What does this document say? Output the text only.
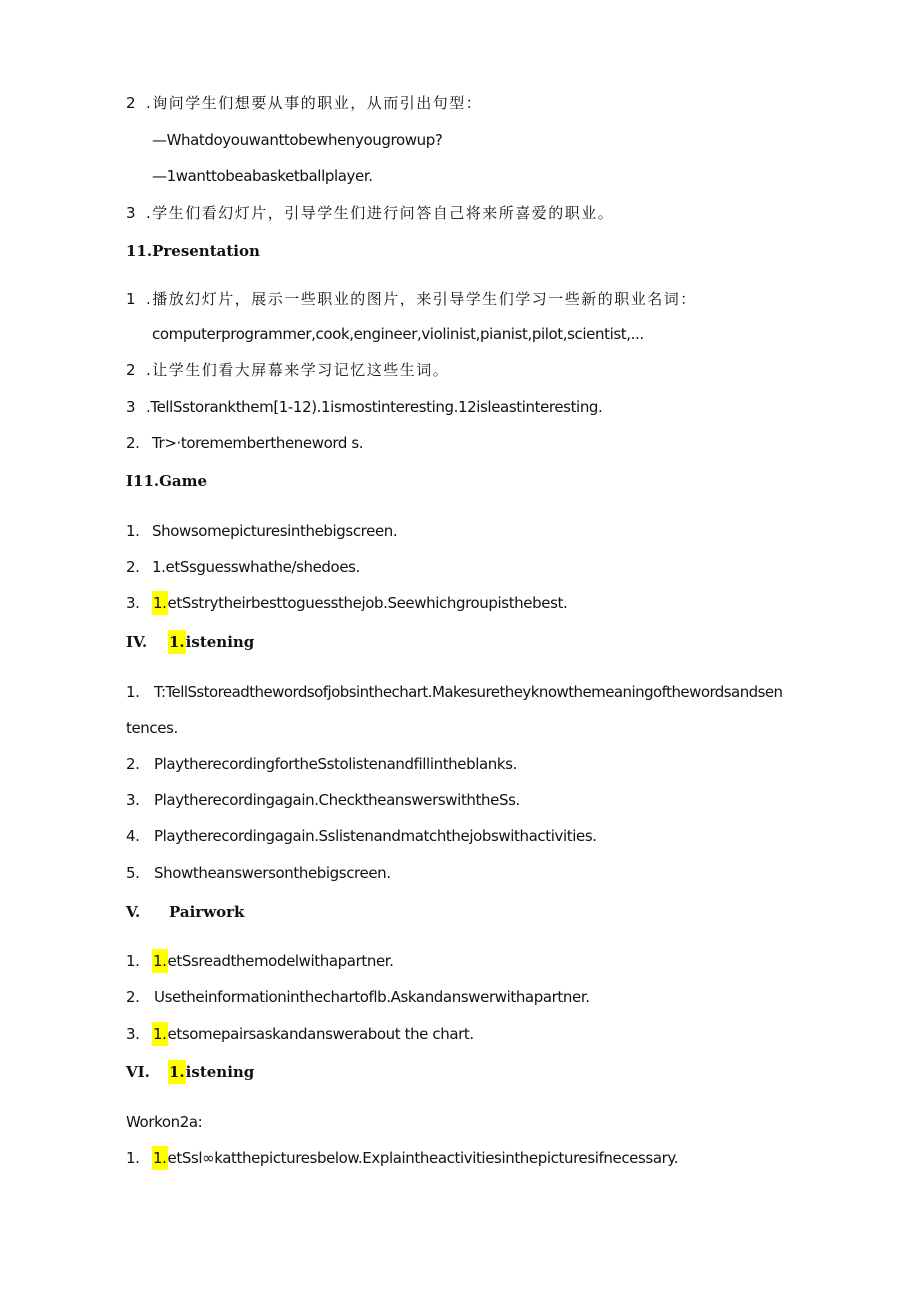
2 .询问学生们想要从事的职业，从而引出句型：
—Whatdoyouwanttobewhenyougrowup?
—1wanttobeabasketballplayer.
3 .学生们看幻灯片，引导学生们进行问答自己将来所喜爱的职业。
11.Presentation
1 .播放幻灯片，展示一些职业的图片，来引导学生们学习一些新的职业名词：
computerprogrammer,cook,engineer,violinist,pianist,pilot,scientist,...
2 .让学生们看大屏幕来学习记忆这些生词。
3 .TellSstorankthem[1-12).1ismostinteresting.12isleastinteresting.
2. Tr>·toremembertheneword s.
I11.Game
1. Showsomepicturesinthebigscreen.
2. 1.etSsguesswhathe/shedoes.
3. 1.etSstrytheirbesttoguessthejob.Seewhichgroupisthebest.
IV. 1.istening
1. T:TellSstoreadthewordsofjobsinthechart.Makesuretheyknowthemeaningofthewordsandsen
tences.
2. PlaytherecordingfortheSstolistenandfillintheblanks.
3. Playtherecordingagain.ChecktheanswerswiththeSs.
4. Playtherecordingagain.Sslistenandmatchthejobswithactivities.
5. Showtheanswersonthebigscreen.
V. Pairwork
1. 1.etSsreadthemodelwithapartner.
2. Usetheinformationinthechartoflb.Askandanswerwithapartner.
3. 1.etsomepairsaskandanswerabout the chart.
VI. 1.istening
Workon2a:
1. 1.etSsl∞katthepicturesbelow.Explaintheactivitiesinthepicturesifnecessary.
